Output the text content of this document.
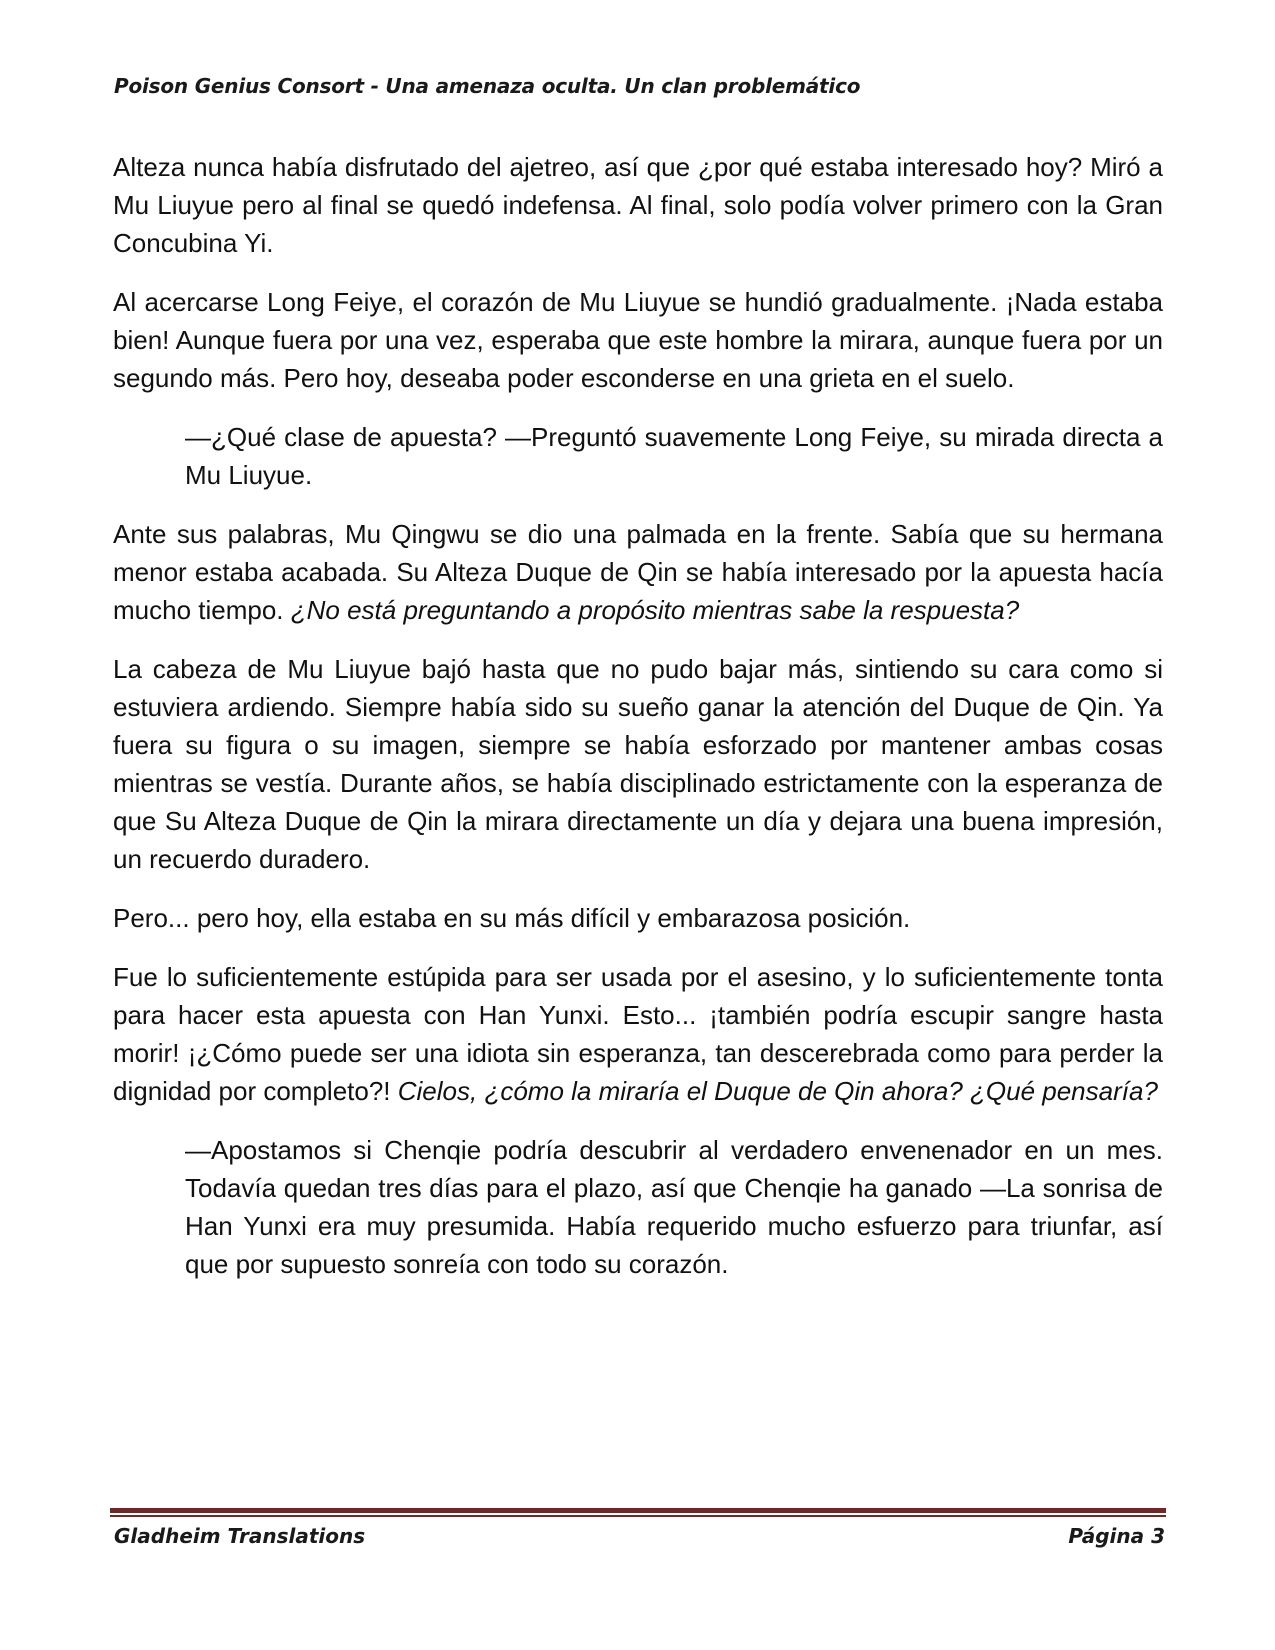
Poison Genius Consort - Una amenaza oculta. Un clan problemático

Alteza nunca había disfrutado del ajetreo, así que ¿por qué estaba interesado hoy? Miró a Mu Liuyue pero al final se quedó indefensa. Al final, solo podía volver primero con la Gran Concubina Yi.

Al acercarse Long Feiye, el corazón de Mu Liuyue se hundió gradualmente. ¡Nada estaba bien! Aunque fuera por una vez, esperaba que este hombre la mirara, aunque fuera por un segundo más. Pero hoy, deseaba poder esconderse en una grieta en el suelo.

—¿Qué clase de apuesta? —Preguntó suavemente Long Feiye, su mirada directa a Mu Liuyue.

Ante sus palabras, Mu Qingwu se dio una palmada en la frente. Sabía que su hermana menor estaba acabada. Su Alteza Duque de Qin se había interesado por la apuesta hacía mucho tiempo. ¿No está preguntando a propósito mientras sabe la respuesta?

La cabeza de Mu Liuyue bajó hasta que no pudo bajar más, sintiendo su cara como si estuviera ardiendo. Siempre había sido su sueño ganar la atención del Duque de Qin. Ya fuera su figura o su imagen, siempre se había esforzado por mantener ambas cosas mientras se vestía. Durante años, se había disciplinado estrictamente con la esperanza de que Su Alteza Duque de Qin la mirara directamente un día y dejara una buena impresión, un recuerdo duradero.

Pero... pero hoy, ella estaba en su más difícil y embarazosa posición.

Fue lo suficientemente estúpida para ser usada por el asesino, y lo suficientemente tonta para hacer esta apuesta con Han Yunxi. Esto... ¡también podría escupir sangre hasta morir! ¡¿Cómo puede ser una idiota sin esperanza, tan descerebrada como para perder la dignidad por completo?! Cielos, ¿cómo la miraría el Duque de Qin ahora? ¿Qué pensaría?

—Apostamos si Chenqie podría descubrir al verdadero envenenador en un mes. Todavía quedan tres días para el plazo, así que Chenqie ha ganado —La sonrisa de Han Yunxi era muy presumida. Había requerido mucho esfuerzo para triunfar, así que por supuesto sonreía con todo su corazón.

Gladheim Translations	Página 3
